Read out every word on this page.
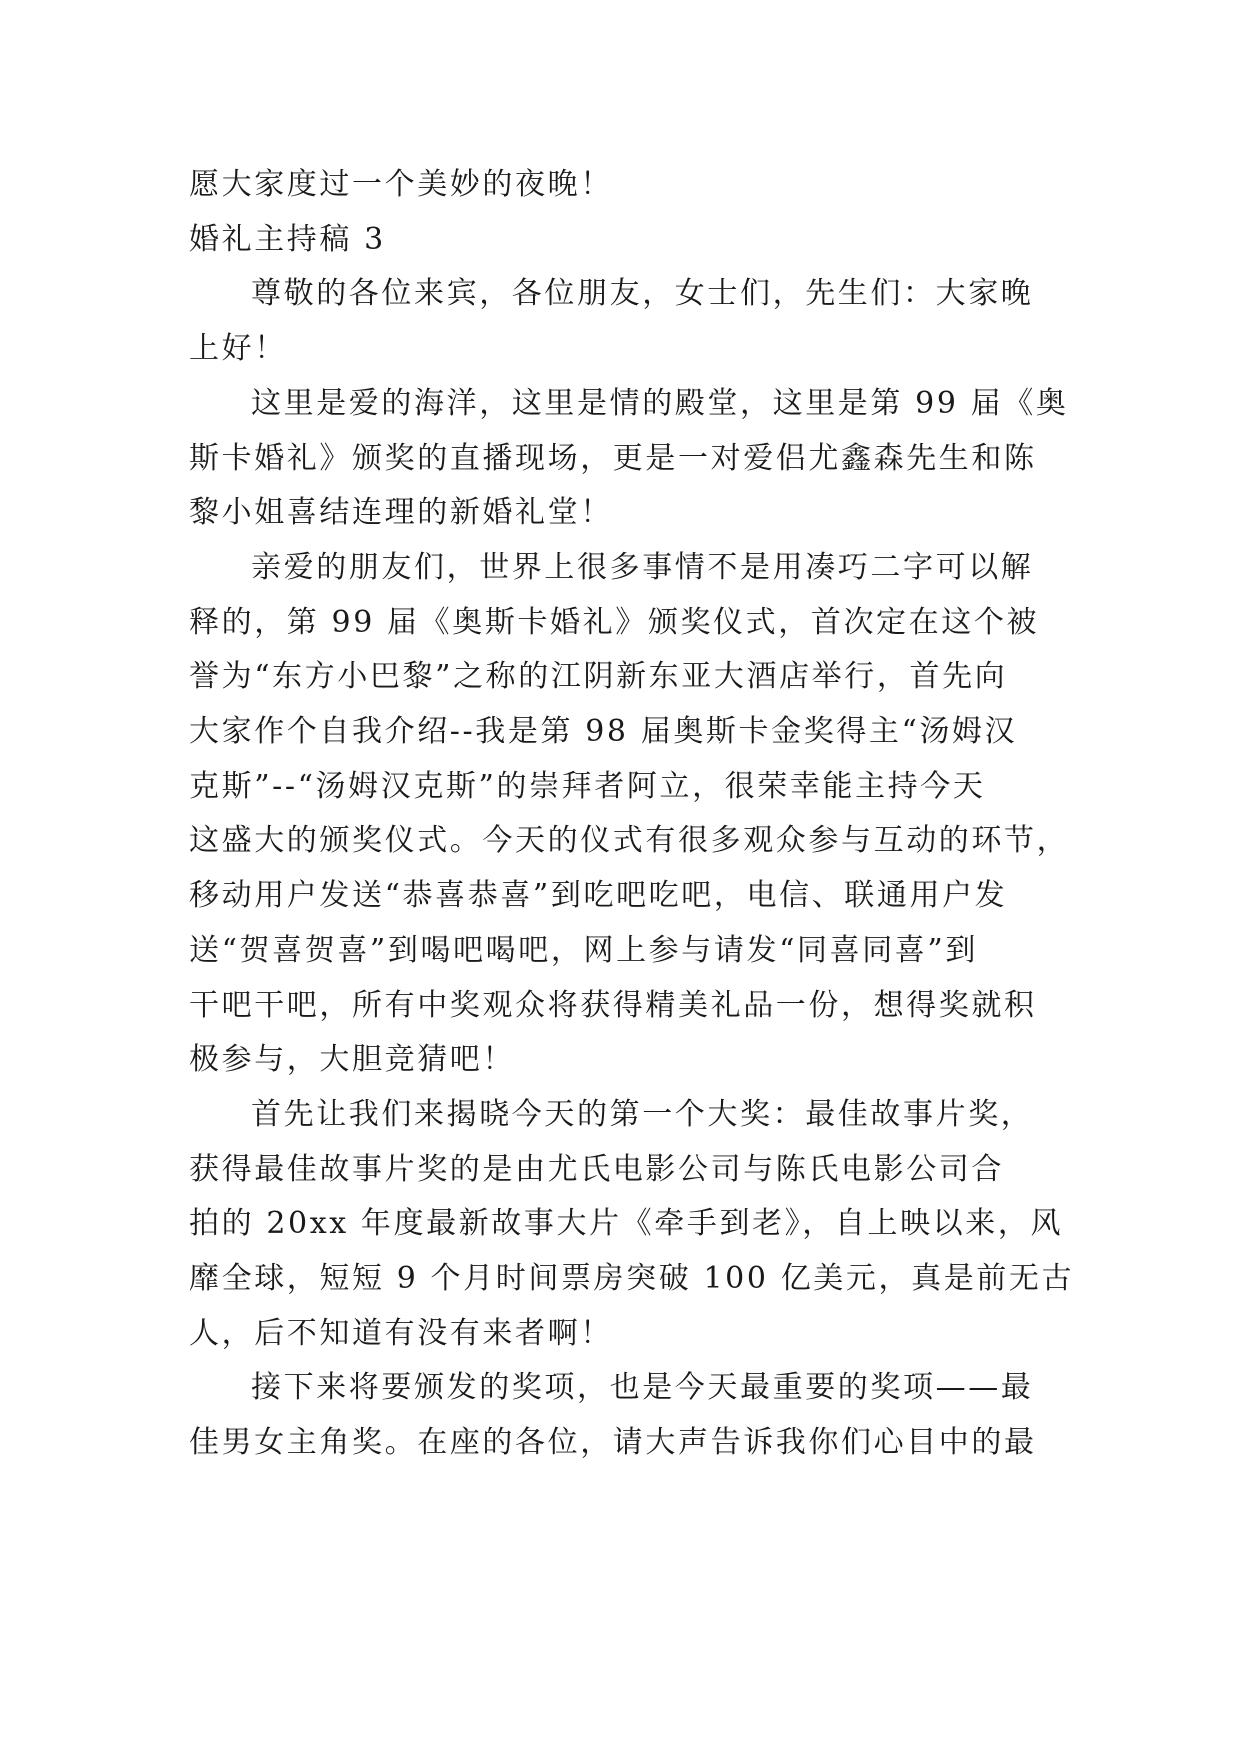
愿大家度过一个美妙的夜晚！
婚礼主持稿 3
尊敬的各位来宾，各位朋友，女士们，先生们：大家晚
上好！
这里是爱的海洋，这里是情的殿堂，这里是第 99 届《奥
斯卡婚礼》颁奖的直播现场，更是一对爱侣尤鑫森先生和陈
黎小姐喜结连理的新婚礼堂！
亲爱的朋友们，世界上很多事情不是用凑巧二字可以解
释的，第 99 届《奥斯卡婚礼》颁奖仪式，首次定在这个被
誉为“东方小巴黎”之称的江阴新东亚大酒店举行，首先向
大家作个自我介绍--我是第 98 届奥斯卡金奖得主“汤姆汉
克斯”--“汤姆汉克斯”的崇拜者阿立，很荣幸能主持今天
这盛大的颁奖仪式。今天的仪式有很多观众参与互动的环节，
移动用户发送“恭喜恭喜”到吃吧吃吧，电信、联通用户发
送“贺喜贺喜”到喝吧喝吧，网上参与请发“同喜同喜”到
干吧干吧，所有中奖观众将获得精美礼品一份，想得奖就积
极参与，大胆竞猜吧！
首先让我们来揭晓今天的第一个大奖：最佳故事片奖，
获得最佳故事片奖的是由尤氏电影公司与陈氏电影公司合
拍的 20xx 年度最新故事大片《牵手到老》，自上映以来，风
靡全球，短短 9 个月时间票房突破 100 亿美元，真是前无古
人，后不知道有没有来者啊！
接下来将要颁发的奖项，也是今天最重要的奖项——最
佳男女主角奖。在座的各位，请大声告诉我你们心目中的最
